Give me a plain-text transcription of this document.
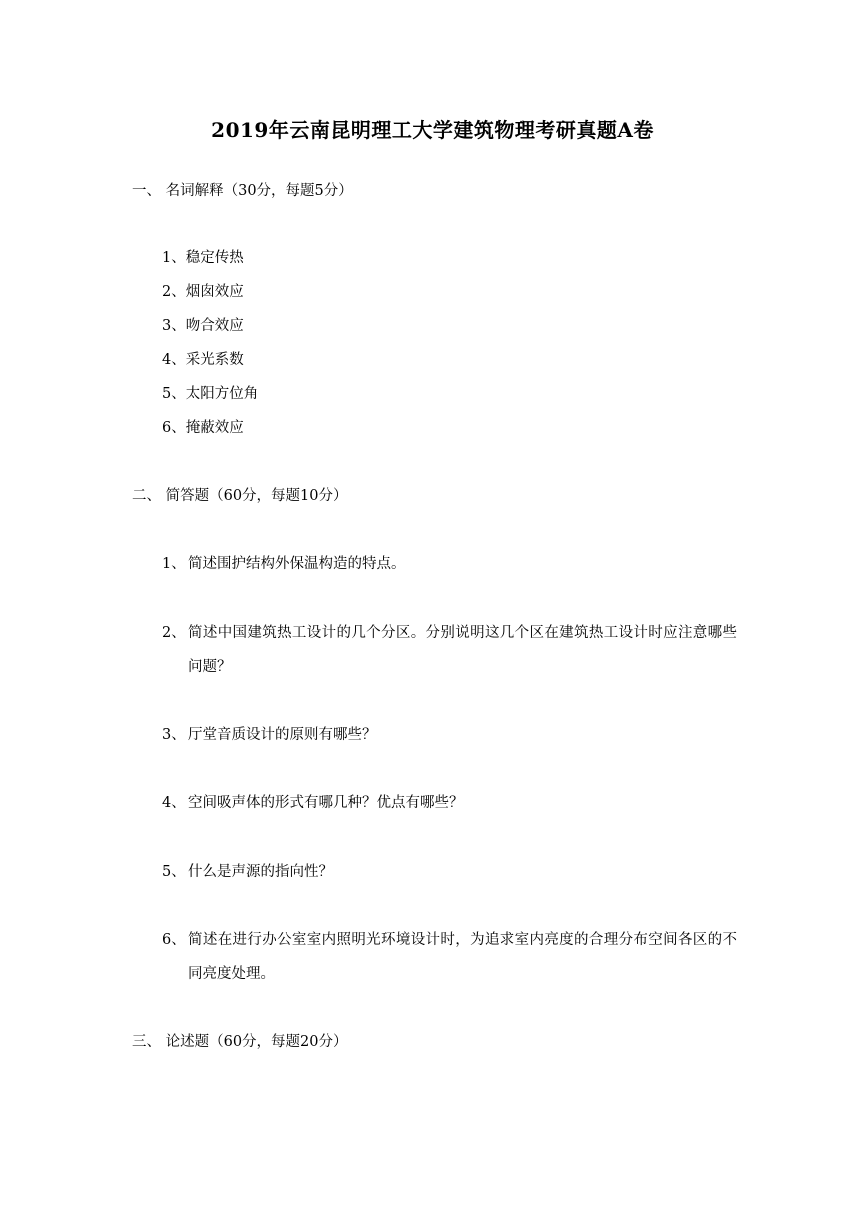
2019年云南昆明理工大学建筑物理考研真题A卷
一、 名词解释（30分，每题5分）
1、稳定传热
2、烟囱效应
3、吻合效应
4、采光系数
5、太阳方位角
6、掩蔽效应
二、 简答题（60分，每题10分）
1、 简述围护结构外保温构造的特点。
2、 简述中国建筑热工设计的几个分区。分别说明这几个区在建筑热工设计时应注意哪些问题？
3、 厅堂音质设计的原则有哪些？
4、 空间吸声体的形式有哪几种？优点有哪些？
5、 什么是声源的指向性？
6、 简述在进行办公室室内照明光环境设计时，为追求室内亮度的合理分布空间各区的不同亮度处理。
三、 论述题（60分，每题20分）
